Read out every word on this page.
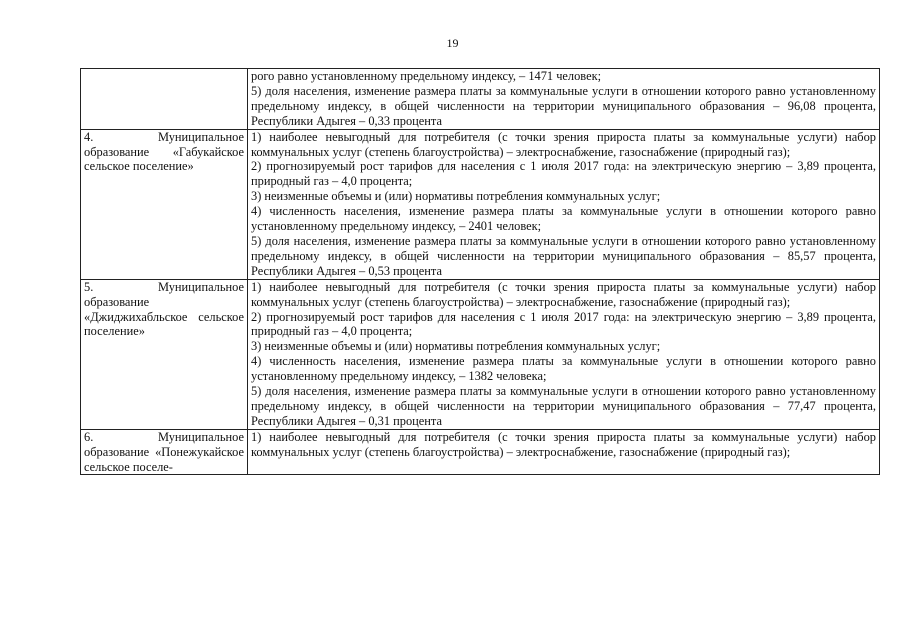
19

	рого равно установленному предельному индексу, – 1471 человек;
5) доля населения, изменение размера платы за коммунальные услуги в отношении которого равно установленному предельному индексу, в общей численности на территории муниципального образования – 96,08 процента, Республики Адыгея – 0,33 процента

4. Муниципальное образование «Габукайское сельское поселение»	1) наиболее невыгодный для потребителя (с точки зрения прироста платы за коммунальные услуги) набор коммунальных услуг (степень благоустройства) – электроснабжение, газоснабжение (природный газ);
2) прогнозируемый рост тарифов для населения с 1 июля 2017 года: на электрическую энергию – 3,89 процента, природный газ – 4,0 процента;
3) неизменные объемы и (или) нормативы потребления коммунальных услуг;
4) численность населения, изменение размера платы за коммунальные услуги в отношении которого равно установленному предельному индексу, – 2401 человек;
5) доля населения, изменение размера платы за коммунальные услуги в отношении которого равно установленному предельному индексу, в общей численности на территории муниципального образования – 85,57 процента, Республики Адыгея – 0,53 процента

5. Муниципальное образование «Джиджихабльское сельское поселение»	1) наиболее невыгодный для потребителя (с точки зрения прироста платы за коммунальные услуги) набор коммунальных услуг (степень благоустройства) – электроснабжение, газоснабжение (природный газ);
2) прогнозируемый рост тарифов для населения с 1 июля 2017 года: на электрическую энергию – 3,89 процента, природный газ – 4,0 процента;
3) неизменные объемы и (или) нормативы потребления коммунальных услуг;
4) численность населения, изменение размера платы за коммунальные услуги в отношении которого равно установленному предельному индексу, – 1382 человека;
5) доля населения, изменение размера платы за коммунальные услуги в отношении которого равно установленному предельному индексу, в общей численности на территории муниципального образования – 77,47 процента, Республики Адыгея – 0,31 процента

6. Муниципальное образование «Понежукайское сельское поселе-	1) наиболее невыгодный для потребителя (с точки зрения прироста платы за коммунальные услуги) набор коммунальных услуг (степень благоустройства) – электроснабжение, газоснабжение (природный газ);
